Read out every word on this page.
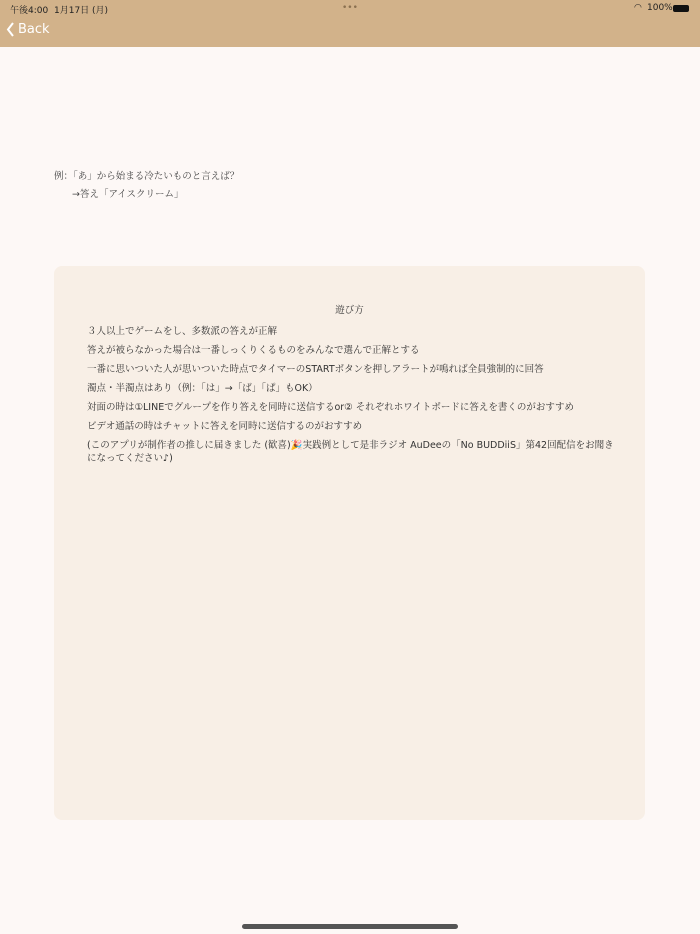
午後4:00 1月17日 (月)	•••	◠ 100%
Back
例：「あ」から始まる冷たいものと言えば？
→答え「アイスクリーム」
遊び方
３人以上でゲームをし、多数派の答えが正解
答えが被らなかった場合は一番しっくりくるものをみんなで選んで正解とする
一番に思いついた人が思いついた時点でタイマーのSTARTボタンを押しアラートが鳴れば全員強制的に回答
濁点・半濁点はあり（例：「は」→「ば」「ぱ」もOK）
対面の時は①LINEでグループを作り答えを同時に送信するor② それぞれホワイトボードに答えを書くのがおすすめ
ビデオ通話の時はチャットに答えを同時に送信するのがおすすめ
(このアプリが制作者の推しに届きました (歓喜)🎉実践例として是非ラジオ AuDeeの「No BUDDiiS」第42回配信をお聞きになってください♪)
